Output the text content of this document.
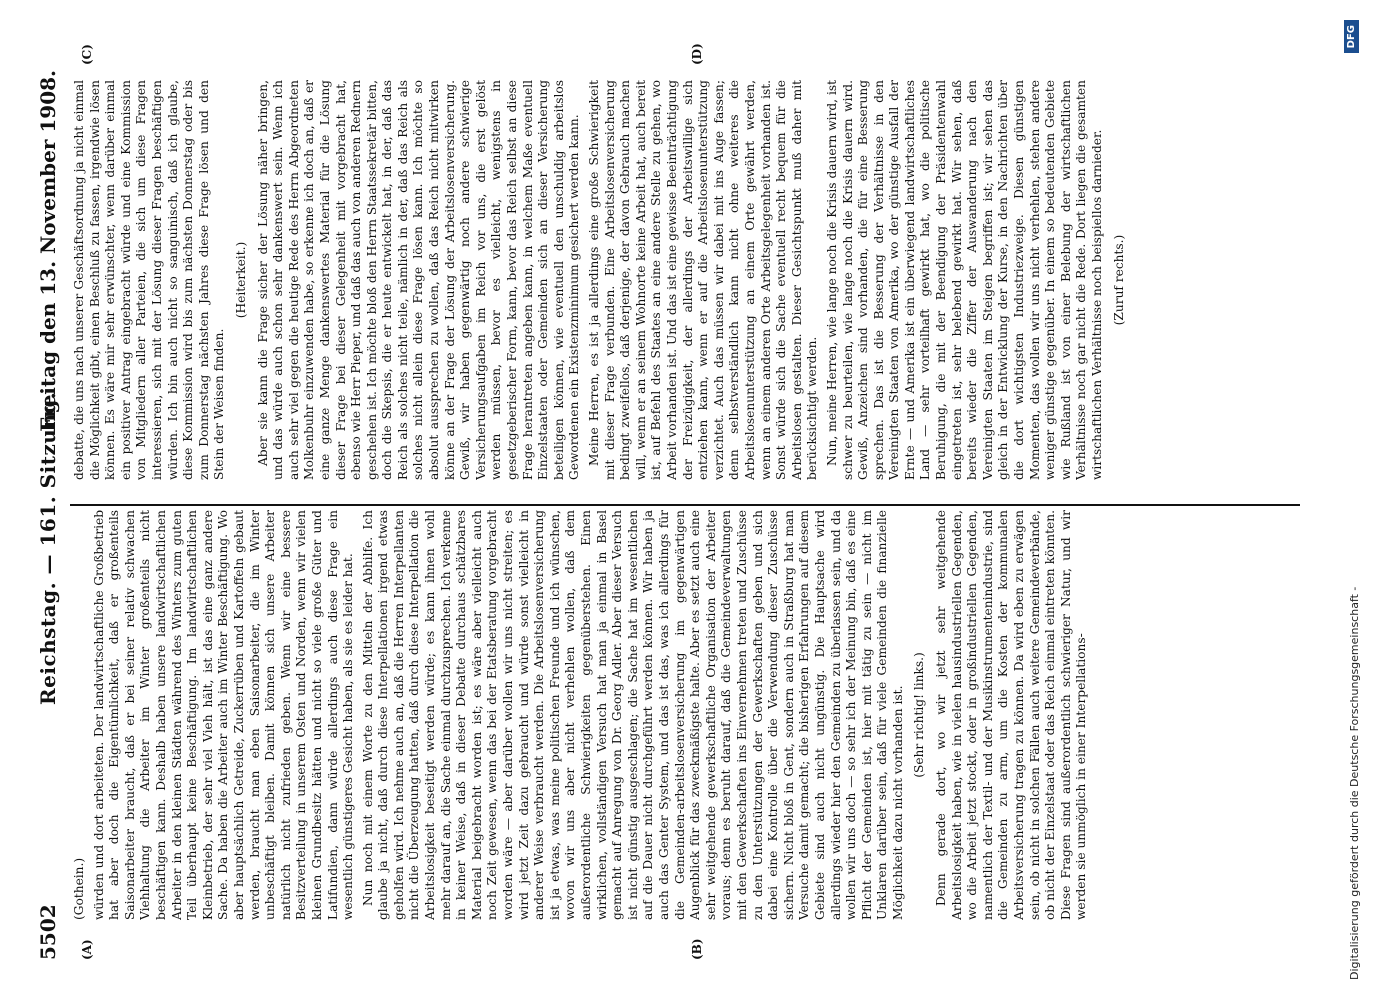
5502
Reichstag. — 161. Sitzung.
Freitag den 13. November 1908.
(A)	(B)
(C)	(D)

(Gothein.) würden und dort arbeiteten. Der landwirtschaftliche Großbetrieb hat aber doch die Eigentümlichkeit, daß er großenteils Saisonarbeiter braucht, daß er bei seiner relativ schwachen Viehhaltung die Arbeiter im Winter großenteils nicht beschäftigen kann. Deshalb haben unsere landwirtschaftlichen Arbeiter in den kleinen Städten während des Winters zum guten Teil überhaupt keine Beschäftigung. Im landwirtschaftlichen Kleinbetrieb, der sehr viel Vieh hält, ist das eine ganz andere Sache. Da haben die Arbeiter auch im Winter Beschäftigung. Wo aber hauptsächlich Getreide, Zuckerrüben und Kartoffeln gebaut werden, braucht man eben Saisonarbeiter, die im Winter unbeschäftigt bleiben. Damit können sich unsere Arbeiter natürlich nicht zufrieden geben. Wenn wir eine bessere Besitzverteilung in unserem Osten und Norden, wenn wir vielen kleinen Grundbesitz hätten und nicht so viele große Güter und Latifundien, dann würde allerdings auch diese Frage ein wesentlich günstigeres Gesicht haben, als sie es leider hat. Nun noch mit einem Worte zu den Mitteln der Abhilfe. Ich glaube ja nicht, daß durch diese Interpellationen irgend etwas geholfen wird. Ich nehme auch an, daß die Herren Interpellanten nicht die Überzeugung hatten, daß durch diese Interpellation die Arbeitslosigkeit beseitigt werden würde; es kann ihnen wohl mehr darauf an, die Sache einmal durchzusprechen. Ich verkenne in keiner Weise, daß in dieser Debatte durchaus schätzbares Material beigebracht worden ist; es wäre aber vielleicht auch noch Zeit gewesen, wenn das bei der Etatsberatung vorgebracht worden wäre — aber darüber wollen wir uns nicht streiten; es wird jetzt Zeit dazu gebraucht und würde sonst vielleicht in anderer Weise verbraucht werden. Die Arbeitslosenversicherung ist ja etwas, was meine politischen Freunde und ich wünschen, wovon wir uns aber nicht verhehlen wollen, daß dem außerordentliche Schwierigkeiten gegenüberstehen. Einen wirklichen, vollständigen Versuch hat man ja einmal in Basel gemacht auf Anregung von Dr. Georg Adler. Aber dieser Versuch ist nicht günstig ausgeschlagen; die Sache hat im wesentlichen auf die Dauer nicht durchgeführt werden können. Wir haben ja auch das Genter System, und das ist das, was ich allerdings für die Gemeinden-arbeitslosenversicherung im gegenwärtigen Augenblick für das zweckmäßigste halte. Aber es setzt auch eine sehr weitgehende gewerkschaftliche Organisation der Arbeiter voraus; denn es beruht darauf, daß die Gemeindeverwaltungen mit den Gewerkschaften ins Einvernehmen treten und Zuschüsse zu den Unterstützungen der Gewerkschaften geben und sich dabei eine Kontrolle über die Verwendung dieser Zuschüsse sichern. Nicht bloß in Gent, sondern auch in Straßburg hat man Versuche damit gemacht; die bisherigen Erfahrungen auf diesem Gebiete sind auch nicht ungünstig. Die Hauptsache wird allerdings wieder hier den Gemeinden zu überlassen sein, und da wollen wir uns doch — so sehr ich der Meinung bin, daß es eine Pflicht der Gemeinden ist, hier mit tätig zu sein — nicht im Unklaren darüber sein, daß für viele Gemeinden die finanzielle Möglichkeit dazu nicht vorhanden ist. (Sehr richtig! links.) Denn gerade dort, wo wir jetzt sehr weitgehende Arbeitslosigkeit haben, wie in vielen hausindustriellen Gegenden, wo die Arbeit jetzt stockt, oder in großindustriellen Gegenden, namentlich der Textil- und der Musikinstrumentenindustrie, sind die Gemeinden zu arm, um die Kosten der kommunalen Arbeitsversicherung tragen zu können. Da wird eben zu erwägen sein, ob nicht in solchen Fällen auch weitere Gemeindeverbände, ob nicht der Einzelstaat oder das Reich einmal eintreten könnten. Diese Fragen sind außerordentlich schwieriger Natur, und wir werden sie unmöglich in einer Interpellations-

debatte, die uns nach unserer Geschäftsordnung ja nicht einmal die Möglichkeit gibt, einen Beschluß zu fassen, irgendwie lösen können. Es wäre mir sehr erwünschter, wenn darüber einmal ein positiver Antrag eingebracht würde und eine Kommission von Mitgliedern aller Parteien, die sich um diese Fragen interessieren, sich mit der Lösung dieser Fragen beschäftigen würden. Ich bin auch nicht so sanguinisch, daß ich glaube, diese Kommission wird bis zum nächsten Donnerstag oder bis zum Donnerstag nächsten Jahres diese Frage lösen und den Stein der Weisen finden.

(Heiterkeit.) Aber sie kann die Frage sicher der Lösung näher bringen, und das würde auch schon sehr dankenswert sein. Wenn ich auch sehr viel gegen die heutige Rede des Herrn Abgeordneten Molkenbuhr einzuwenden habe, so erkenne ich doch an, daß er eine ganze Menge dankenswertes Material für die Lösung dieser Frage bei dieser Gelegenheit mit vorgebracht hat, ebenso wie Herr Pieper, und daß das auch von anderen Rednern geschehen ist. Ich möchte bloß den Herrn Staatssekretär bitten, doch die Skepsis, die er heute entwickelt hat, in der, daß das Reich als solches nicht teile, nämlich in der, daß das Reich als solches nicht allein diese Frage lösen kann. Ich möchte so absolut aussprechen zu wollen, daß das Reich nicht mitwirken könne an der Frage der Lösung der Arbeitslosenversicherung. Gewiß, wir haben gegenwärtig noch andere schwierige Versicherungsaufgaben im Reich vor uns, die erst gelöst werden müssen, bevor es vielleicht, wenigstens in gesetzgeberischer Form, kann, bevor das Reich selbst an diese Frage herantreten angeben kann, in welchem Maße eventuell Einzelstaaten oder Gemeinden sich an dieser Versicherung beteiligen können, wie eventuell den unschuldig arbeitslos Gewordenen ein Existenzminimum gesichert werden kann. Meine Herren, es ist ja allerdings eine große Schwierigkeit mit dieser Frage verbunden. Eine Arbeitslosenversicherung bedingt zweifellos, daß derjenige, der davon Gebrauch machen will, wenn er an seinem Wohnorte keine Arbeit hat, auch bereit ist, auf Befehl des Staates an eine andere Stelle zu gehen, wo Arbeit vorhanden ist. Und das ist eine gewisse Beeinträchtigung der Freizügigkeit, der allerdings der Arbeitswillige sich entziehen kann, wenn er auf die Arbeitslosenunterstützung verzichtet. Auch das müssen wir dabei mit ins Auge fassen; denn selbstverständlich kann nicht ohne weiteres die Arbeitslosenunterstützung an einem Orte gewährt werden, wenn an einem anderen Orte Arbeitsgelegenheit vorhanden ist. Sonst würde sich die Sache eventuell recht bequem für die Arbeitslosen gestalten. Dieser Gesichtspunkt muß daher mit berücksichtigt werden. Nun, meine Herren, wie lange noch die Krisis dauern wird, ist schwer zu beurteilen, wie lange noch die Krisis dauern wird. Gewiß, Anzeichen sind vorhanden, die für eine Besserung sprechen. Das ist die Besserung der Verhältnisse in den Vereinigten Staaten von Amerika, wo der günstige Ausfall der Ernte — und Amerika ist ein überwiegend landwirtschaftliches Land — sehr vorteilhaft gewirkt hat, wo die politische Beruhigung, die mit der Beendigung der Präsidentenwahl eingetreten ist, sehr belebend gewirkt hat. Wir sehen, daß bereits wieder die Ziffer der Auswanderung nach den Vereinigten Staaten im Steigen begriffen ist; wir sehen das gleich in der Entwicklung der Kurse, in den Nachrichten über die dort wichtigsten Industriezweige. Diesen günstigen Momenten, das wollen wir uns nicht verhehlen, stehen andere weniger günstige gegenüber. In einem so bedeutenden Gebiete wie Rußland ist von einer Belebung der wirtschaftlichen Verhältnisse noch gar nicht die Rede. Dort liegen die gesamten wirtschaftlichen Verhältnisse noch beispiellos darnieder. (Zuruf rechts.)

Digitalisierung gefördert durch die Deutsche Forschungsgemeinschaft -
DFG
